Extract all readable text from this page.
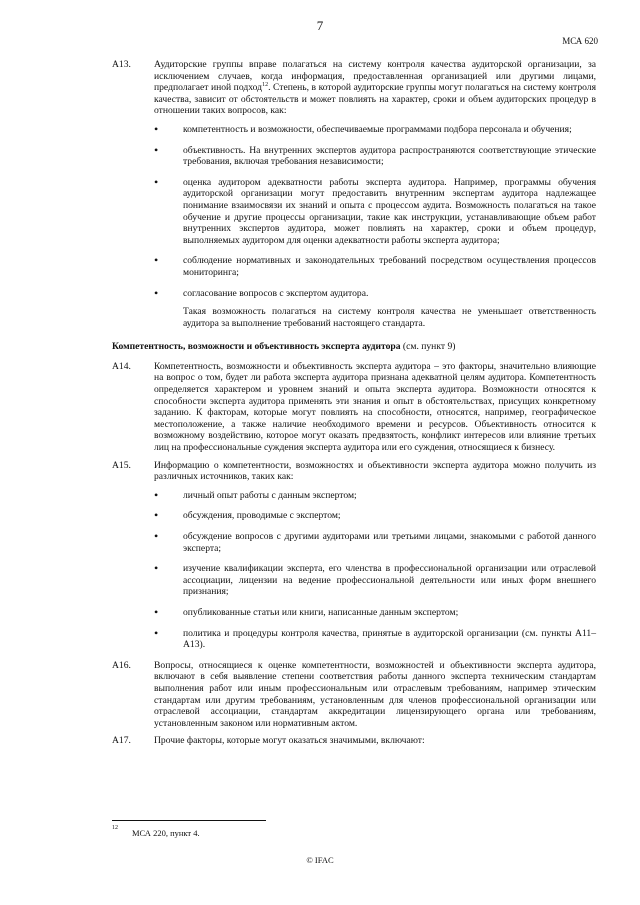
7
МСА 620
A13. Аудиторские группы вправе полагаться на систему контроля качества аудиторской организации, за исключением случаев, когда информация, предоставленная организацией или другими лицами, предполагает иной подход$^{12}$. Степень, в которой аудиторские группы могут полагаться на систему контроля качества, зависит от обстоятельств и может повлиять на характер, сроки и объем аудиторских процедур в отношении таких вопросов, как:
• компетентность и возможности, обеспечиваемые программами подбора персонала и обучения;
• объективность. На внутренних экспертов аудитора распространяются соответствующие этические требования, включая требования независимости;
• оценка аудитором адекватности работы эксперта аудитора. Например, программы обучения аудиторской организации могут предоставить внутренним экспертам аудитора надлежащее понимание взаимосвязи их знаний и опыта с процессом аудита. Возможность полагаться на такое обучение и другие процессы организации, такие как инструкции, устанавливающие объем работ внутренних экспертов аудитора, может повлиять на характер, сроки и объем процедур, выполняемых аудитором для оценки адекватности работы эксперта аудитора;
• соблюдение нормативных и законодательных требований посредством осуществления процессов мониторинга;
• согласование вопросов с экспертом аудитора.
Такая возможность полагаться на систему контроля качества не уменьшает ответственность аудитора за выполнение требований настоящего стандарта.
Компетентность, возможности и объективность эксперта аудитора (см. пункт 9)
A14. Компетентность, возможности и объективность эксперта аудитора – это факторы, значительно влияющие на вопрос о том, будет ли работа эксперта аудитора признана адекватной целям аудитора. Компетентность определяется характером и уровнем знаний и опыта эксперта аудитора. Возможности относятся к способности эксперта аудитора применять эти знания и опыт в обстоятельствах, присущих конкретному заданию. К факторам, которые могут повлиять на способности, относятся, например, географическое местоположение, а также наличие необходимого времени и ресурсов. Объективность относится к возможному воздействию, которое могут оказать предвзятость, конфликт интересов или влияние третьих лиц на профессиональные суждения эксперта аудитора или его суждения, относящиеся к бизнесу.
A15. Информацию о компетентности, возможностях и объективности эксперта аудитора можно получить из различных источников, таких как:
• личный опыт работы с данным экспертом;
• обсуждения, проводимые с экспертом;
• обсуждение вопросов с другими аудиторами или третьими лицами, знакомыми с работой данного эксперта;
• изучение квалификации эксперта, его членства в профессиональной организации или отраслевой ассоциации, лицензии на ведение профессиональной деятельности или иных форм внешнего признания;
• опубликованные статьи или книги, написанные данным экспертом;
• политика и процедуры контроля качества, принятые в аудиторской организации (см. пункты А11–А13).
A16. Вопросы, относящиеся к оценке компетентности, возможностей и объективности эксперта аудитора, включают в себя выявление степени соответствия работы данного эксперта техническим стандартам выполнения работ или иным профессиональным или отраслевым требованиям, например этическим стандартам или другим требованиям, установленным для членов профессиональной организации или отраслевой ассоциации, стандартам аккредитации лицензирующего органа или требованиям, установленным законом или нормативным актом.
A17. Прочие факторы, которые могут оказаться значимыми, включают:
$^{12}$ МСА 220, пункт 4.
© IFAC
